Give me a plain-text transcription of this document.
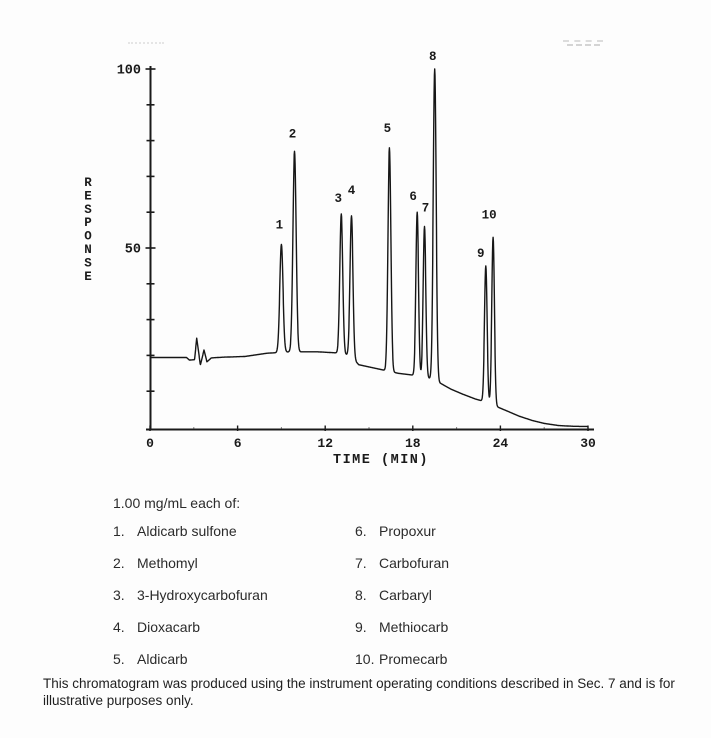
50
100
0	6	12	18	24	30
TIME (MIN)
R
E
S
P
O
N
S
E
1
2
3
4
5
6
7
8
9
10
1.00 mg/mL each of:
1. Aldicarb sulfone
2. Methomyl
3. 3-Hydroxycarbofuran
4. Dioxacarb
5. Aldicarb
6. Propoxur
7. Carbofuran
8. Carbaryl
9. Methiocarb
10. Promecarb
This chromatogram was produced using the instrument operating conditions described in Sec. 7 and is for illustrative purposes only.
